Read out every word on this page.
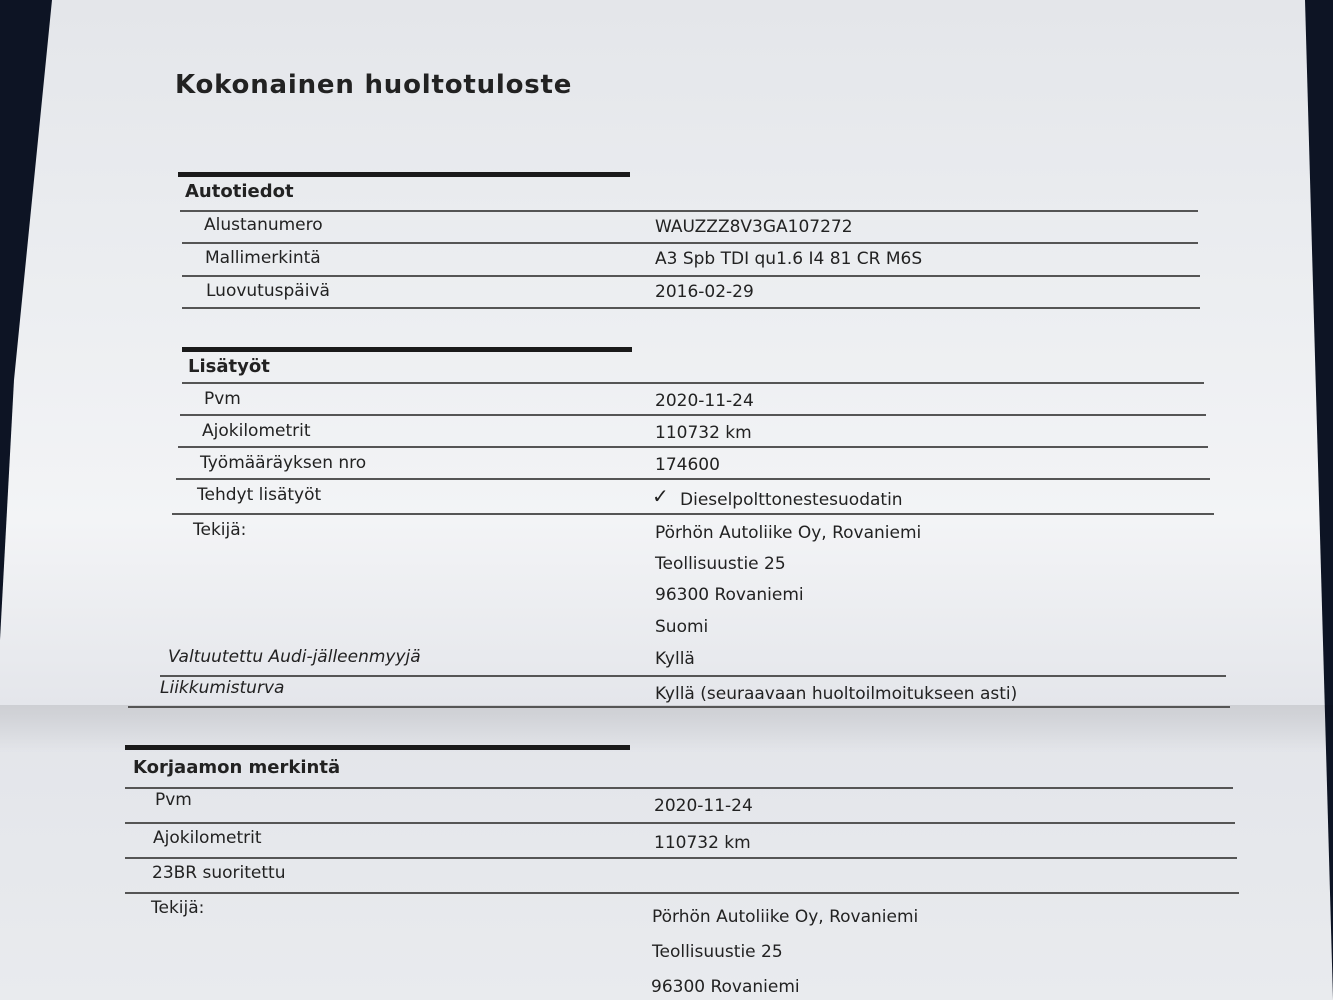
Kokonainen huoltotuloste
Autotiedot
Alustanumero	WAUZZZ8V3GA107272
Mallimerkintä	A3 Spb TDI qu1.6 I4 81 CR M6S
Luovutuspäivä	2016-02-29
Lisätyöt
Pvm	2020-11-24
Ajokilometrit	110732 km
Työmääräyksen nro	174600
Tehdyt lisätyöt	✓ Dieselpolttonestesuodatin
Tekijä:	Pörhön Autoliike Oy, Rovaniemi
Teollisuustie 25
96300 Rovaniemi
Suomi
Valtuutettu Audi-jälleenmyyjä	Kyllä
Liikkumisturva	Kyllä (seuraavaan huoltoilmoitukseen asti)
Korjaamon merkintä
Pvm	2020-11-24
Ajokilometrit	110732 km
23BR suoritettu
Tekijä:	Pörhön Autoliike Oy, Rovaniemi
Teollisuustie 25
96300 Rovaniemi
